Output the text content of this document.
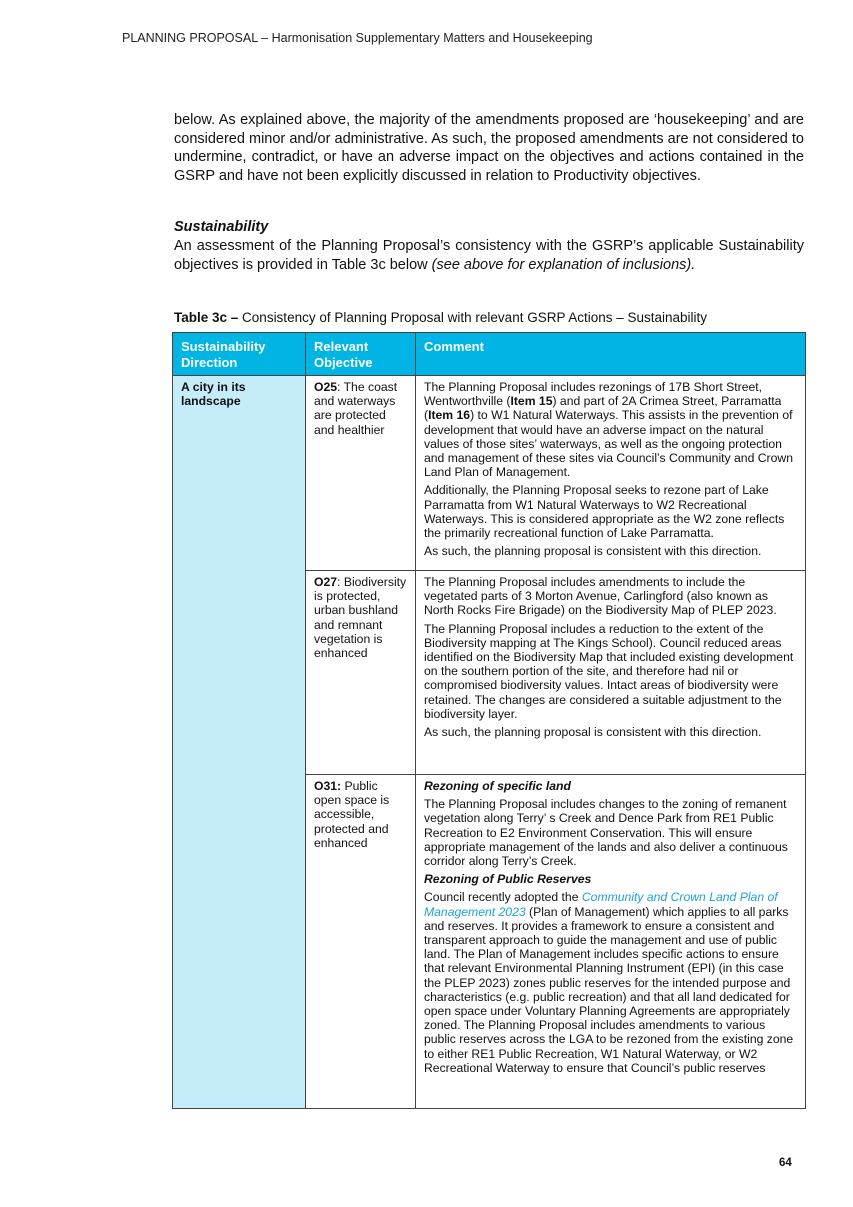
PLANNING PROPOSAL – Harmonisation Supplementary Matters and Housekeeping
below. As explained above, the majority of the amendments proposed are ‘housekeeping’ and are considered minor and/or administrative. As such, the proposed amendments are not considered to undermine, contradict, or have an adverse impact on the objectives and actions contained in the GSRP and have not been explicitly discussed in relation to Productivity objectives.
Sustainability
An assessment of the Planning Proposal’s consistency with the GSRP’s applicable Sustainability objectives is provided in Table 3c below (see above for explanation of inclusions).
Table 3c – Consistency of Planning Proposal with relevant GSRP Actions – Sustainability
Sustainability Direction	Relevant Objective	Comment
A city in its landscape	O25: The coast and waterways are protected and healthier	The Planning Proposal includes rezonings of 17B Short Street, Wentworthville (Item 15) and part of 2A Crimea Street, Parramatta (Item 16) to W1 Natural Waterways. This assists in the prevention of development that would have an adverse impact on the natural values of those sites’ waterways, as well as the ongoing protection and management of these sites via Council’s Community and Crown Land Plan of Management.

Additionally, the Planning Proposal seeks to rezone part of Lake Parramatta from W1 Natural Waterways to W2 Recreational Waterways. This is considered appropriate as the W2 zone reflects the primarily recreational function of Lake Parramatta.

As such, the planning proposal is consistent with this direction.

	O27: Biodiversity is protected, urban bushland and remnant vegetation is enhanced	The Planning Proposal includes amendments to include the vegetated parts of 3 Morton Avenue, Carlingford (also known as North Rocks Fire Brigade) on the Biodiversity Map of PLEP 2023.

The Planning Proposal includes a reduction to the extent of the Biodiversity mapping at The Kings School). Council reduced areas identified on the Biodiversity Map that included existing development on the southern portion of the site, and therefore had nil or compromised biodiversity values. Intact areas of biodiversity were retained. The changes are considered a suitable adjustment to the biodiversity layer.

As such, the planning proposal is consistent with this direction.

	O31: Public open space is accessible, protected and enhanced	Rezoning of specific land

The Planning Proposal includes changes to the zoning of remanent vegetation along Terry’ s Creek and Dence Park from RE1 Public Recreation to E2 Environment Conservation. This will ensure appropriate management of the lands and also deliver a continuous corridor along Terry’s Creek.

Rezoning of Public Reserves

Council recently adopted the Community and Crown Land Plan of Management 2023 (Plan of Management) which applies to all parks and reserves. It provides a framework to ensure a consistent and transparent approach to guide the management and use of public land. The Plan of Management includes specific actions to ensure that relevant Environmental Planning Instrument (EPI) (in this case the PLEP 2023) zones public reserves for the intended purpose and characteristics (e.g. public recreation) and that all land dedicated for open space under Voluntary Planning Agreements are appropriately zoned. The Planning Proposal includes amendments to various public reserves across the LGA to be rezoned from the existing zone to either RE1 Public Recreation, W1 Natural Waterway, or W2 Recreational Waterway to ensure that Council’s public reserves

64
